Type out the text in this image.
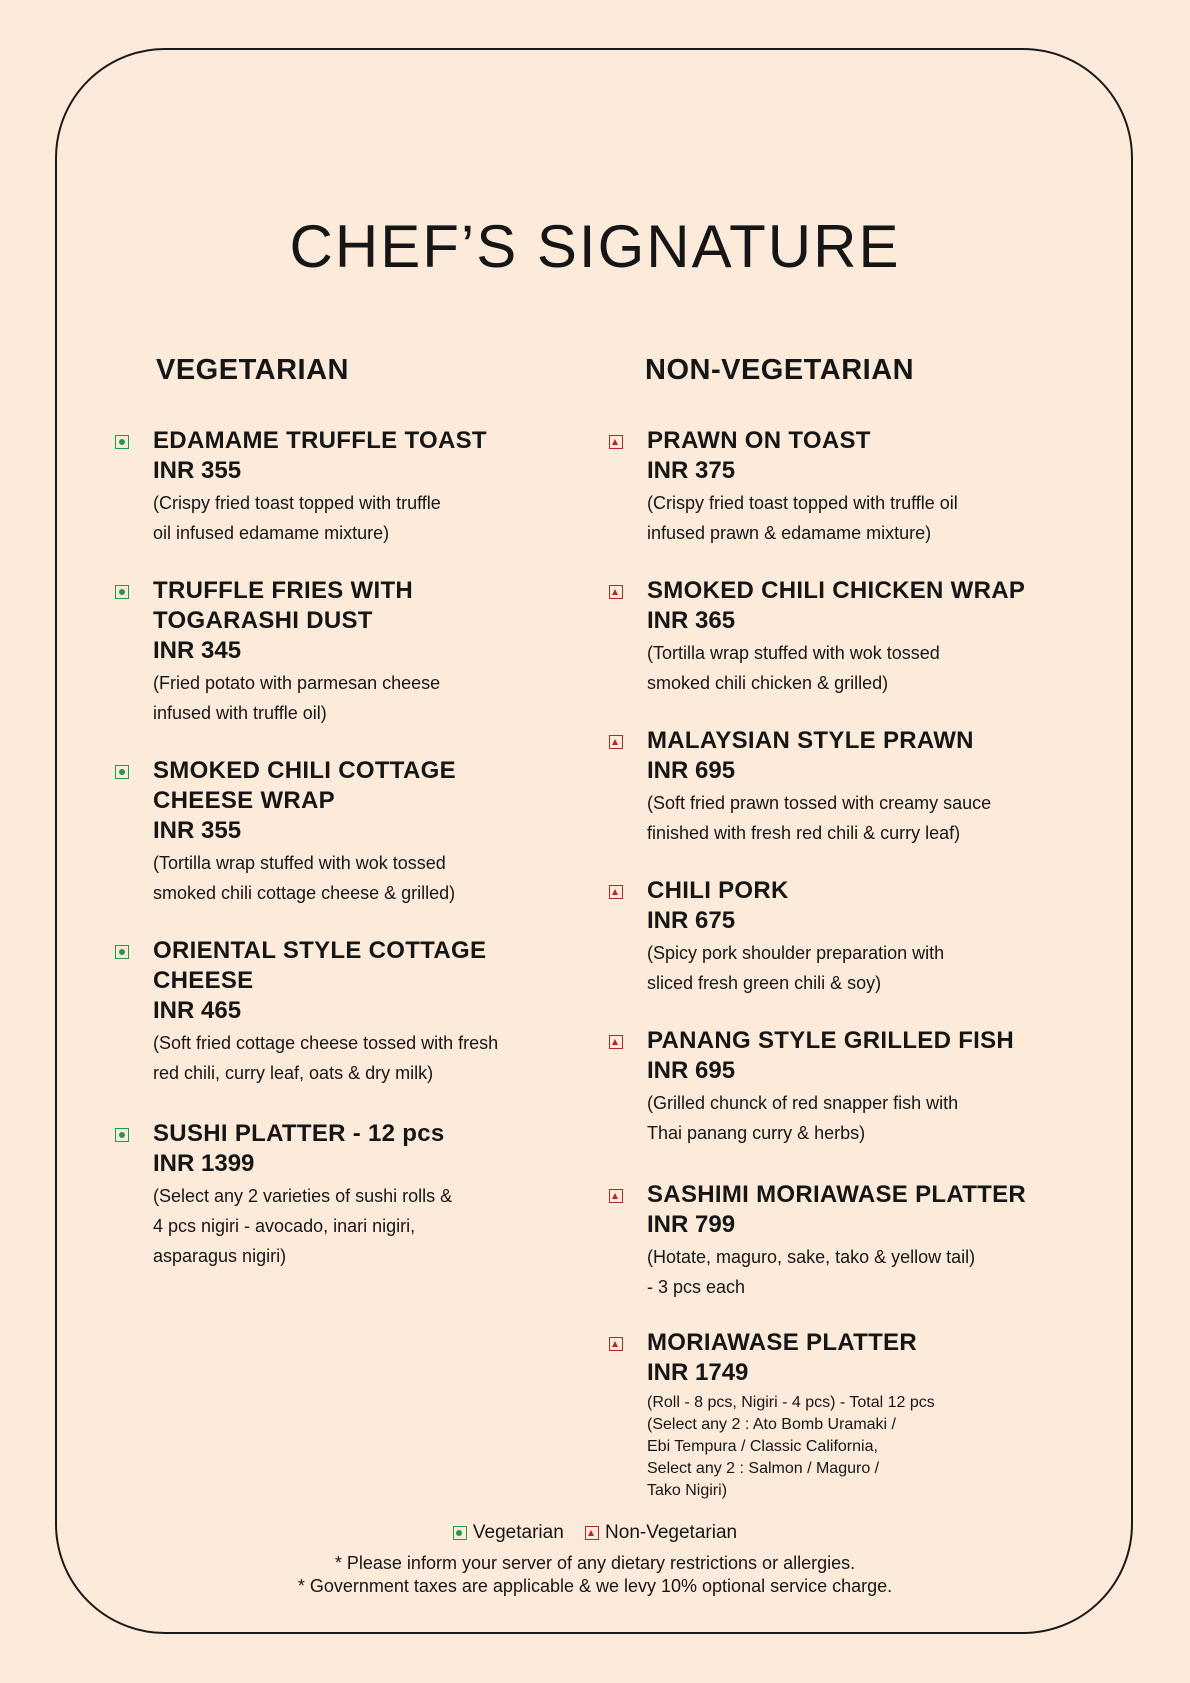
CHEF’S SIGNATURE
VEGETARIAN	NON-VEGETARIAN
EDAMAME TRUFFLE TOAST
INR 355
(Crispy fried toast topped with truffle
oil infused edamame mixture)
TRUFFLE FRIES WITH
TOGARASHI DUST
INR 345
(Fried potato with parmesan cheese
infused with truffle oil)
SMOKED CHILI COTTAGE
CHEESE WRAP
INR 355
(Tortilla wrap stuffed with wok tossed
smoked chili cottage cheese & grilled)
ORIENTAL STYLE COTTAGE
CHEESE
INR 465
(Soft fried cottage cheese tossed with fresh
red chili, curry leaf, oats & dry milk)
SUSHI PLATTER - 12 pcs
INR 1399
(Select any 2 varieties of sushi rolls &
4 pcs nigiri - avocado, inari nigiri,
asparagus nigiri)
PRAWN ON TOAST
INR 375
(Crispy fried toast topped with truffle oil
infused prawn & edamame mixture)
SMOKED CHILI CHICKEN WRAP
INR 365
(Tortilla wrap stuffed with wok tossed
smoked chili chicken & grilled)
MALAYSIAN STYLE PRAWN
INR 695
(Soft fried prawn tossed with creamy sauce
finished with fresh red chili & curry leaf)
CHILI PORK
INR 675
(Spicy pork shoulder preparation with
sliced fresh green chili & soy)
PANANG STYLE GRILLED FISH
INR 695
(Grilled chunck of red snapper fish with
Thai panang curry & herbs)
SASHIMI MORIAWASE PLATTER
INR 799
(Hotate, maguro, sake, tako & yellow tail)
- 3 pcs each
MORIAWASE PLATTER
INR 1749
(Roll - 8 pcs, Nigiri - 4 pcs) - Total 12 pcs
(Select any 2 : Ato Bomb Uramaki /
Ebi Tempura / Classic California,
Select any 2 : Salmon / Maguro /
Tako Nigiri)
Vegetarian
Non-Vegetarian
* Please inform your server of any dietary restrictions or allergies.
* Government taxes are applicable & we levy 10% optional service charge.
